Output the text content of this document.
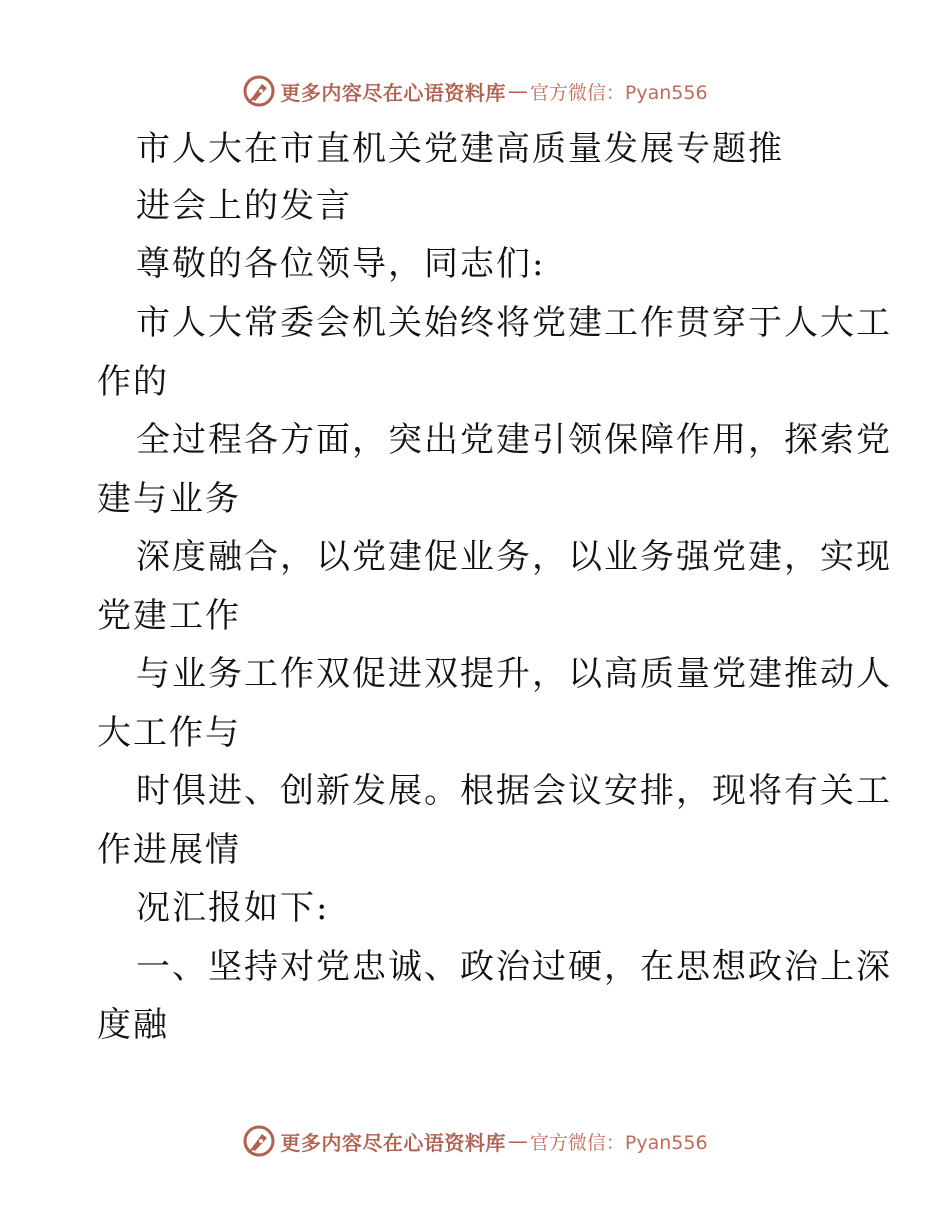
更多内容尽在心语资料库 — 官方微信：Pyan556
市人大在市直机关党建高质量发展专题推
进会上的发言
尊敬的各位领导，同志们:
市人大常委会机关始终将党建工作贯穿于人大工
作的
全过程各方面，突出党建引领保障作用，探索党
建与业务
深度融合，以党建促业务，以业务强党建，实现
党建工作
与业务工作双促进双提升，以高质量党建推动人
大工作与
时俱进、创新发展。根据会议安排，现将有关工
作进展情
况汇报如下:
一、坚持对党忠诚、政治过硬，在思想政治上深
度融
更多内容尽在心语资料库 — 官方微信：Pyan556
